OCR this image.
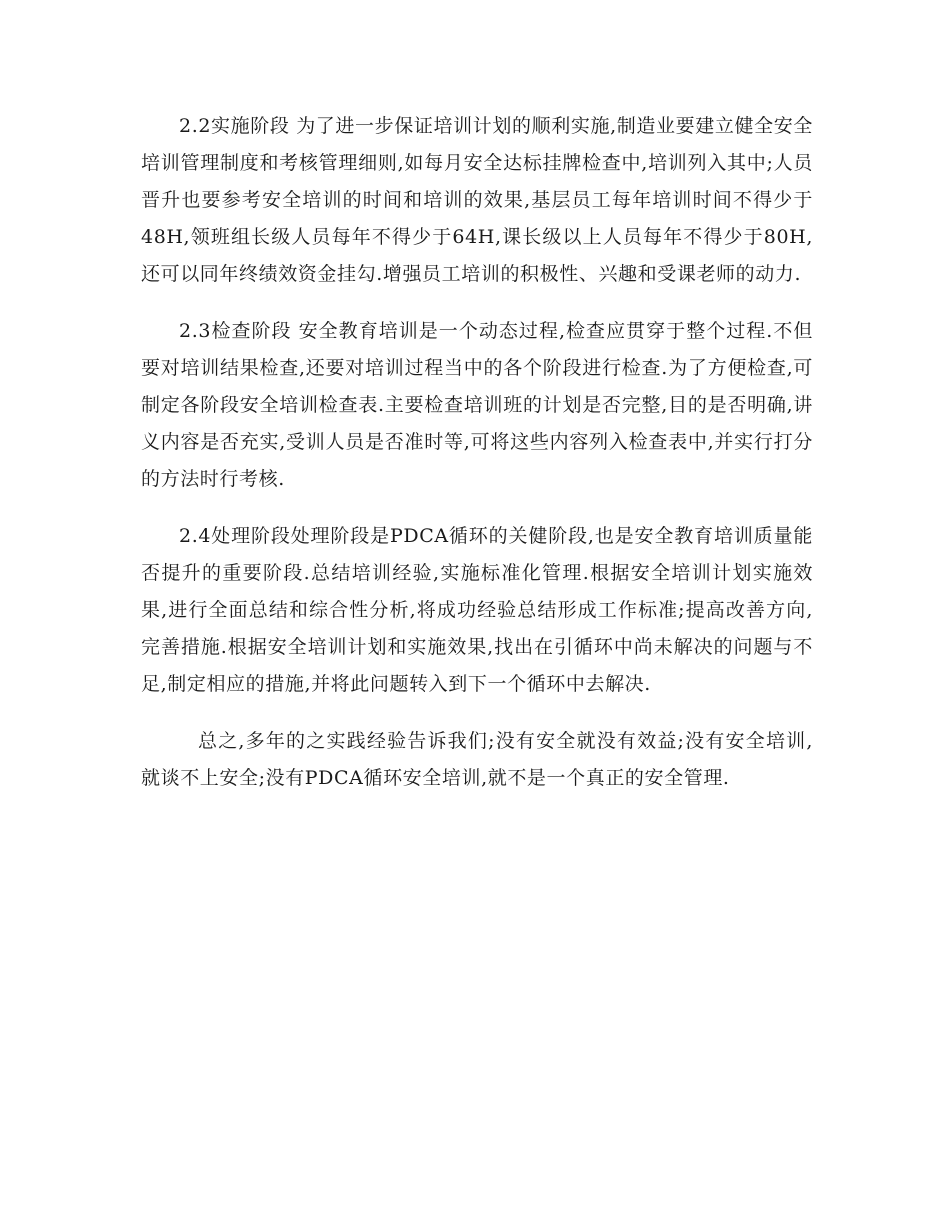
2.2实施阶段 为了进一步保证培训计划的顺利实施,制造业要建立健全安全培训管理制度和考核管理细则,如每月安全达标挂牌检查中,培训列入其中;人员晋升也要参考安全培训的时间和培训的效果,基层员工每年培训时间不得少于48H,领班组长级人员每年不得少于64H,课长级以上人员每年不得少于80H,还可以同年终绩效资金挂勾.增强员工培训的积极性、兴趣和受课老师的动力.

2.3检查阶段 安全教育培训是一个动态过程,检查应贯穿于整个过程.不但要对培训结果检查,还要对培训过程当中的各个阶段进行检查.为了方便检查,可制定各阶段安全培训检查表.主要检查培训班的计划是否完整,目的是否明确,讲义内容是否充实,受训人员是否准时等,可将这些内容列入检查表中,并实行打分的方法时行考核.

2.4处理阶段处理阶段是PDCA循环的关健阶段,也是安全教育培训质量能否提升的重要阶段.总结培训经验,实施标准化管理.根据安全培训计划实施效果,进行全面总结和综合性分析,将成功经验总结形成工作标准;提高改善方向,完善措施.根据安全培训计划和实施效果,找出在引循环中尚未解决的问题与不足,制定相应的措施,并将此问题转入到下一个循环中去解决.

总之,多年的之实践经验告诉我们;没有安全就没有效益;没有安全培训,就谈不上安全;没有PDCA循环安全培训,就不是一个真正的安全管理.
